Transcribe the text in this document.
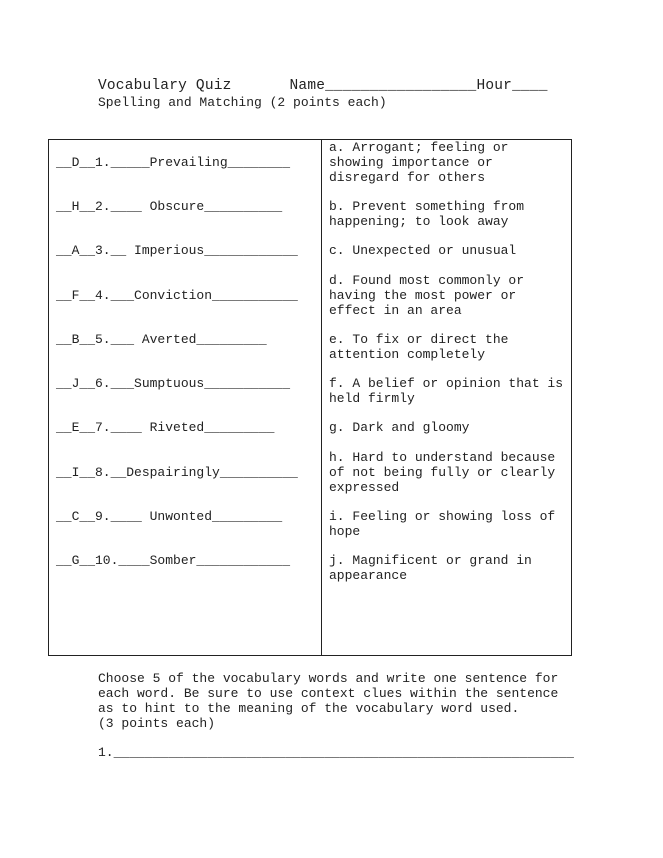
Vocabulary Quiz	Name_________________Hour____
Spelling and Matching (2 points each)
__D__1._____Prevailing________
__H__2.____ Obscure__________
__A__3.__ Imperious____________
__F__4.___Conviction___________
__B__5.___ Averted_________
__J__6.___Sumptuous___________
__E__7.____ Riveted_________
__I__8.__Despairingly__________
__C__9.____ Unwonted_________
__G__10.____Somber____________
a. Arrogant; feeling or showing importance or disregard for others
b. Prevent something from happening; to look away
c. Unexpected or unusual
d. Found most commonly or having the most power or effect in an area
e. To fix or direct the attention completely
f. A belief or opinion that is held firmly
g. Dark and gloomy
h. Hard to understand because of not being fully or clearly expressed
i. Feeling or showing loss of hope
j. Magnificent or grand in appearance
Choose 5 of the vocabulary words and write one sentence for each word. Be sure to use context clues within the sentence as to hint to the meaning of the vocabulary word used.
(3 points each)
1.___________________________________________________________
